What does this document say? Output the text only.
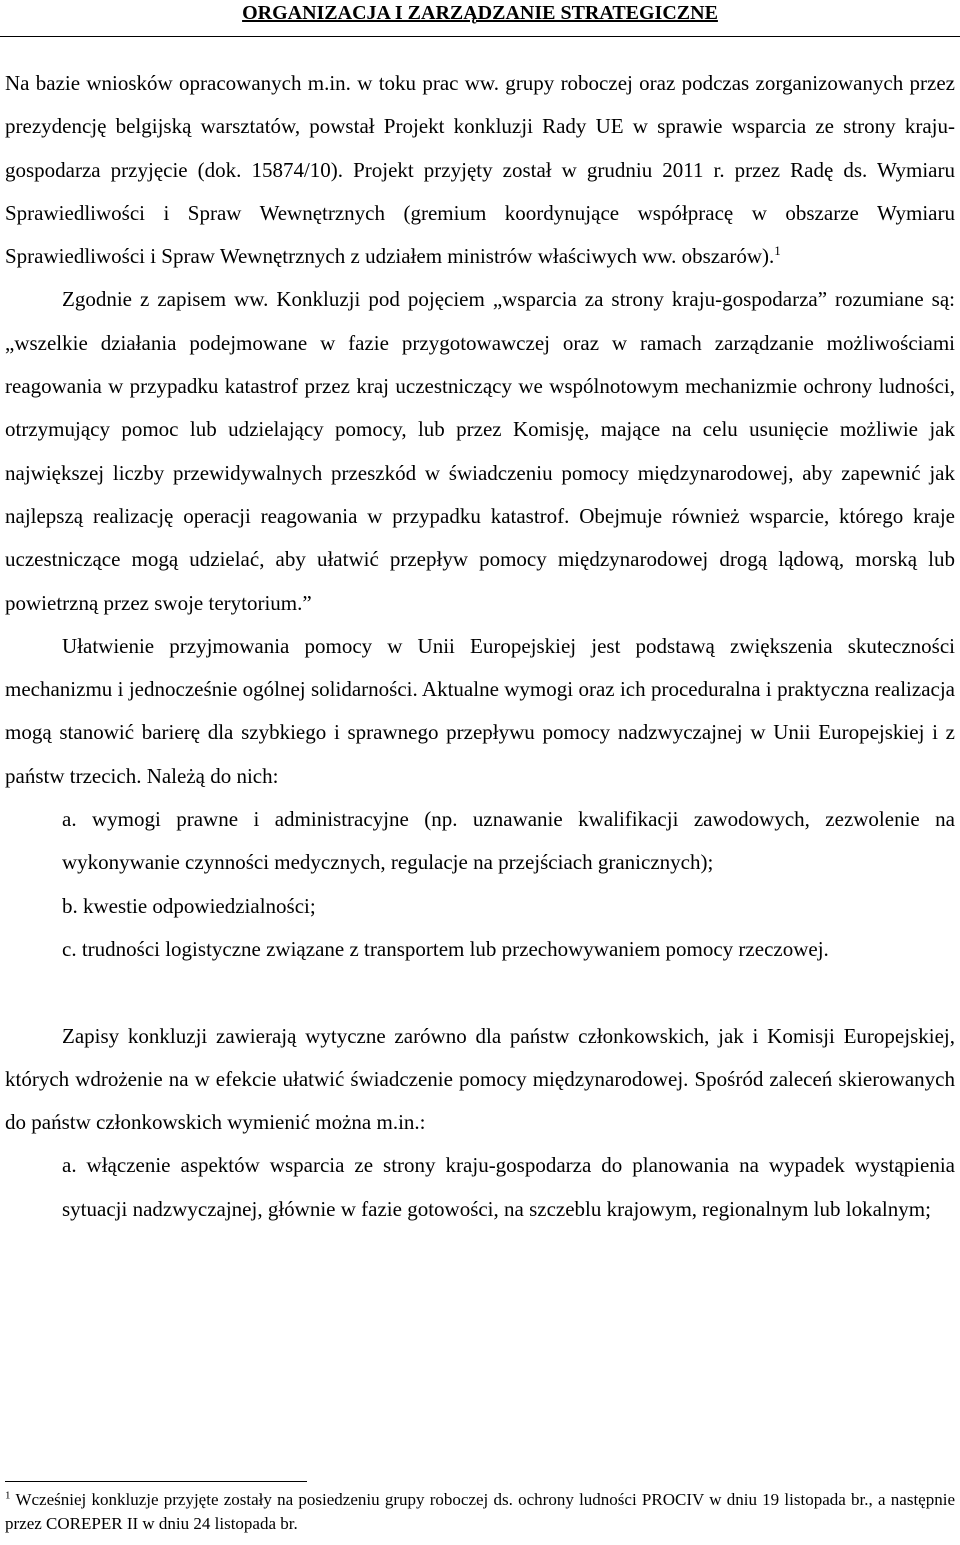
ORGANIZACJA I ZARZĄDZANIE STRATEGICZNE

Na bazie wniosków opracowanych m.in. w toku prac ww. grupy roboczej oraz podczas zorganizowanych przez prezydencję belgijską warsztatów, powstał Projekt konkluzji Rady UE w sprawie wsparcia ze strony kraju-gospodarza przyjęcie (dok. 15874/10). Projekt przyjęty został w grudniu 2011 r. przez Radę ds. Wymiaru Sprawiedliwości i Spraw Wewnętrznych (gremium koordynujące współpracę w obszarze Wymiaru Sprawiedliwości i Spraw Wewnętrznych z udziałem ministrów właściwych ww. obszarów).$^1$

Zgodnie z zapisem ww. Konkluzji pod pojęciem „wsparcia za strony kraju-gospodarza” rozumiane są: „wszelkie działania podejmowane w fazie przygotowawczej oraz w ramach zarządzanie możliwościami reagowania w przypadku katastrof przez kraj uczestniczący we wspólnotowym mechanizmie ochrony ludności, otrzymujący pomoc lub udzielający pomocy, lub przez Komisję, mające na celu usunięcie możliwie jak największej liczby przewidywalnych przeszkód w świadczeniu pomocy międzynarodowej, aby zapewnić jak najlepszą realizację operacji reagowania w przypadku katastrof. Obejmuje również wsparcie, którego kraje uczestniczące mogą udzielać, aby ułatwić przepływ pomocy międzynarodowej drogą lądową, morską lub powietrzną przez swoje terytorium.”

Ułatwienie przyjmowania pomocy w Unii Europejskiej jest podstawą zwiększenia skuteczności mechanizmu i jednocześnie ogólnej solidarności. Aktualne wymogi oraz ich proceduralna i praktyczna realizacja mogą stanowić barierę dla szybkiego i sprawnego przepływu pomocy nadzwyczajnej w Unii Europejskiej i z państw trzecich. Należą do nich:

a. wymogi prawne i administracyjne (np. uznawanie kwalifikacji zawodowych, zezwolenie na wykonywanie czynności medycznych, regulacje na przejściach granicznych);

b. kwestie odpowiedzialności;

c. trudności logistyczne związane z transportem lub przechowywaniem pomocy rzeczowej.

Zapisy konkluzji zawierają wytyczne zarówno dla państw członkowskich, jak i Komisji Europejskiej, których wdrożenie na w efekcie ułatwić świadczenie pomocy międzynarodowej. Spośród zaleceń skierowanych do państw członkowskich wymienić można m.in.:

a. włączenie aspektów wsparcia ze strony kraju-gospodarza do planowania na wypadek wystąpienia sytuacji nadzwyczajnej, głównie w fazie gotowości, na szczeblu krajowym, regionalnym lub lokalnym;

$^1$ Wcześniej konkluzje przyjęte zostały na posiedzeniu grupy roboczej ds. ochrony ludności PROCIV w dniu 19 listopada br., a następnie przez COREPER II w dniu 24 listopada br.
